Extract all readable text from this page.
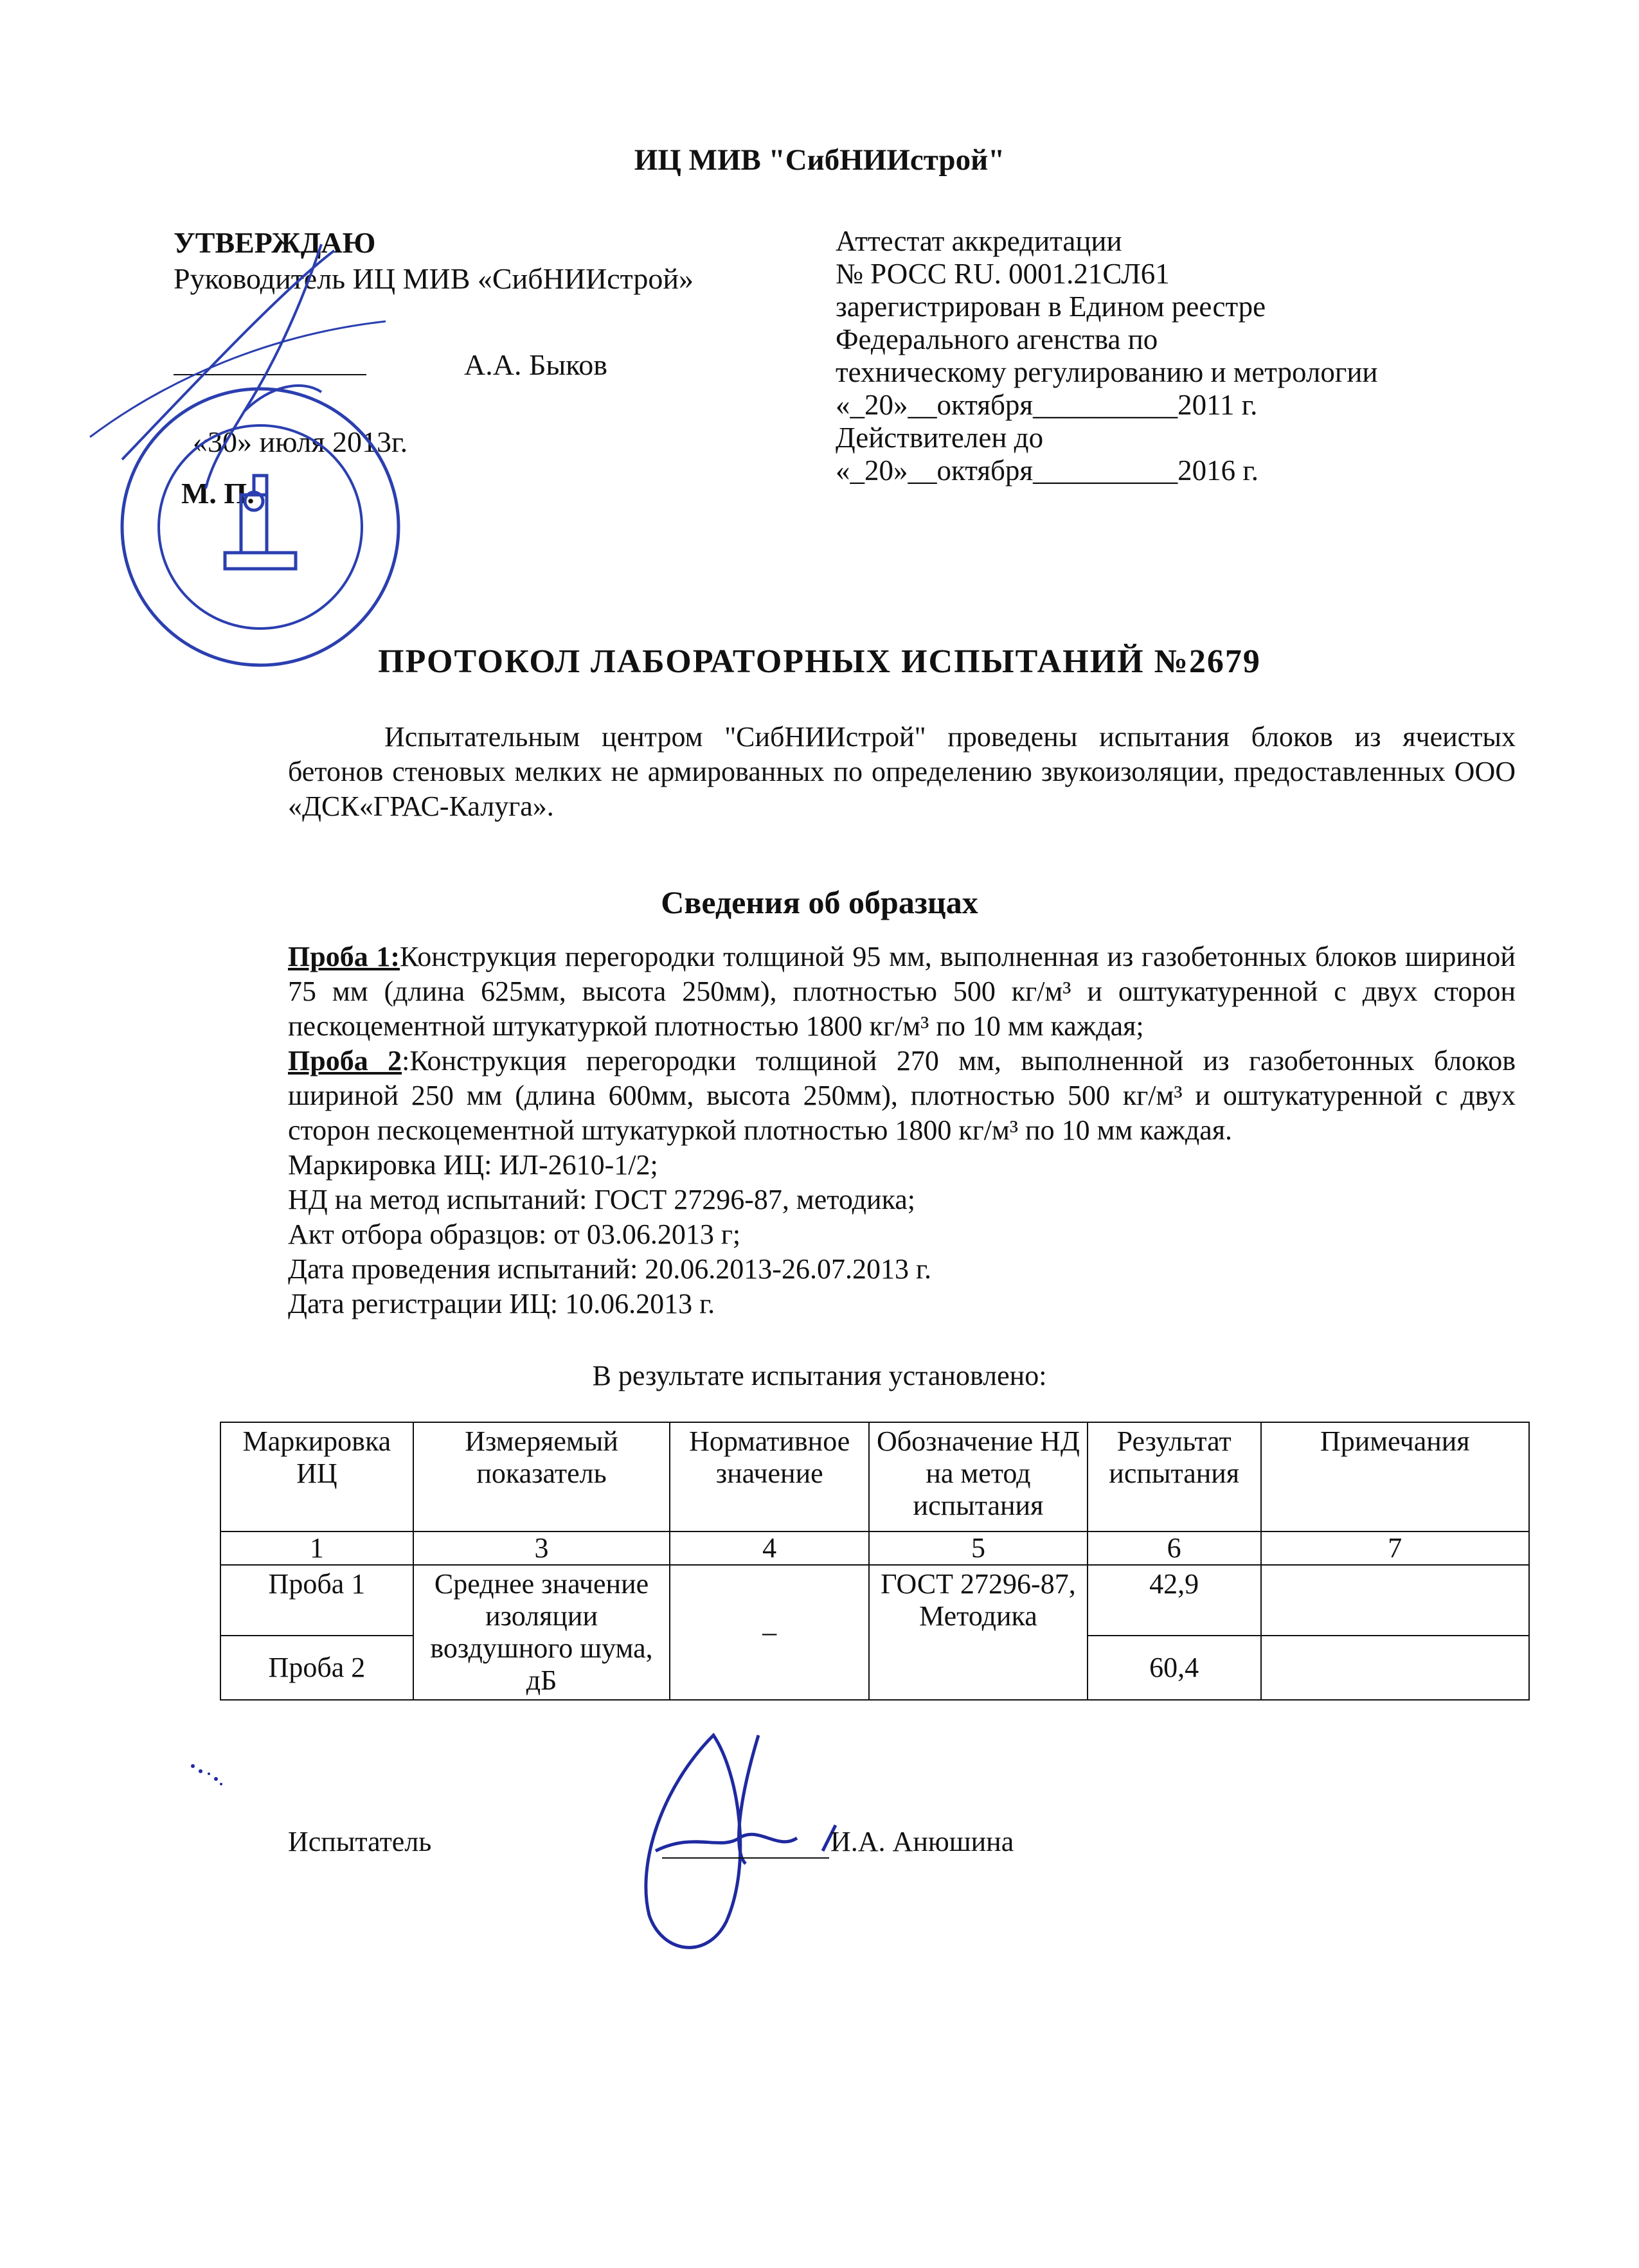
ИЦ МИВ "СибНИИстрой"
УТВЕРЖДАЮ
Руководитель ИЦ МИВ «СибНИИстрой»
А.А. Быков
«30» июля 2013г.
М. П.
Аттестат аккредитации
№ РОСС RU. 0001.21СЛ61
зарегистрирован в Едином реестре
Федерального агенства по
техническому регулированию и метрологии
«_20»__октября__________2011 г.
Действителен до
«_20»__октября__________2016 г.
ПРОТОКОЛ ЛАБОРАТОРНЫХ ИСПЫТАНИЙ №2679
Испытательным центром "СибНИИстрой" проведены испытания блоков из ячеистых бетонов стеновых мелких не армированных по определению звукоизоляции, предоставленных ООО «ДСК«ГРАС-Калуга».
Сведения об образцах

Проба 1:Конструкция перегородки толщиной 95 мм, выполненная из газобетонных блоков шириной 75 мм (длина 625мм, высота 250мм), плотностью 500 кг/м³ и оштукатуренной с двух сторон пескоцементной штукатуркой плотностью 1800 кг/м³ по 10 мм каждая;

Проба 2:Конструкция перегородки толщиной 270 мм, выполненной из газобетонных блоков шириной 250 мм (длина 600мм, высота 250мм), плотностью 500 кг/м³ и оштукатуренной с двух сторон пескоцементной штукатуркой плотностью 1800 кг/м³ по 10 мм каждая.

Маркировка ИЦ: ИЛ-2610-1/2;
НД на метод испытаний: ГОСТ 27296-87, методика;
Акт отбора образцов: от 03.06.2013 г;
Дата проведения испытаний: 20.06.2013-26.07.2013 г.
Дата регистрации ИЦ: 10.06.2013 г.
В результате испытания установлено:
Маркировка ИЦ	Измеряемый показатель	Нормативное значение	Обозначение НД на метод испытания	Результат испытания	Примечания
1	3	4	5	6	7
Проба 1	Среднее значение изоляции воздушного шума, дБ	–	ГОСТ 27296-87, Методика	42,9	
Проба 2				60,4	
Испытатель	И.А. Анюшина
